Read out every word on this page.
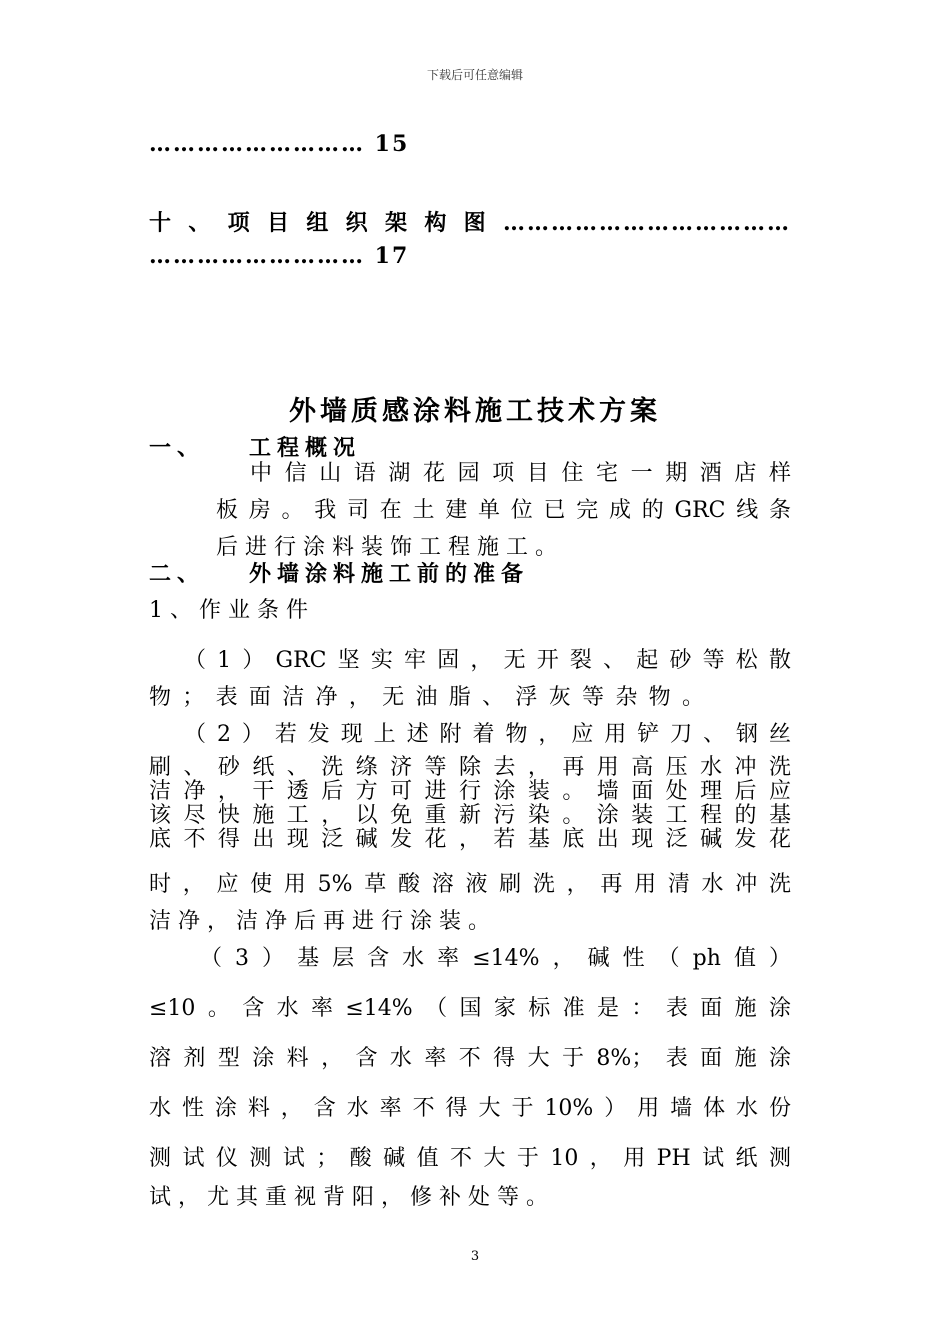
下载后可任意编辑
……………………… 15
十 、 项 目 组 织 架 构 图 ………………………………
……………………… 17
外墙质感涂料施工技术方案
一、 工程概况
中信山语湖花园项目住宅一期酒店样
板房。我司在土建单位已完成的GRC线条
后进行涂料装饰工程施工。
二、 外墙涂料施工前的准备
1、作业条件
（1）GRC坚实牢固，无开裂、起砂等松散
物；表面洁净，无油脂、浮灰等杂物。
（2）若发现上述附着物，应用铲刀、钢丝
刷、砂纸、洗绦济等除去，再用高压水冲洗
洁净，干透后方可进行涂装。墙面处理后应
该尽快施工，以免重新污染。涂装工程的基
底不得出现泛碱发花，若基底出现泛碱发花
时，应使用5%草酸溶液刷洗，再用清水冲洗
洁净，洁净后再进行涂装。
（3）基层含水率≤14%，碱性（ph值）
≤10。含水率≤14%（国家标准是：表面施涂
溶剂型涂料，含水率不得大于8%；表面施涂
水性涂料，含水率不得大于10%）用墙体水份
测试仪测试；酸碱值不大于10，用PH试纸测
试，尤其重视背阳，修补处等。
3
